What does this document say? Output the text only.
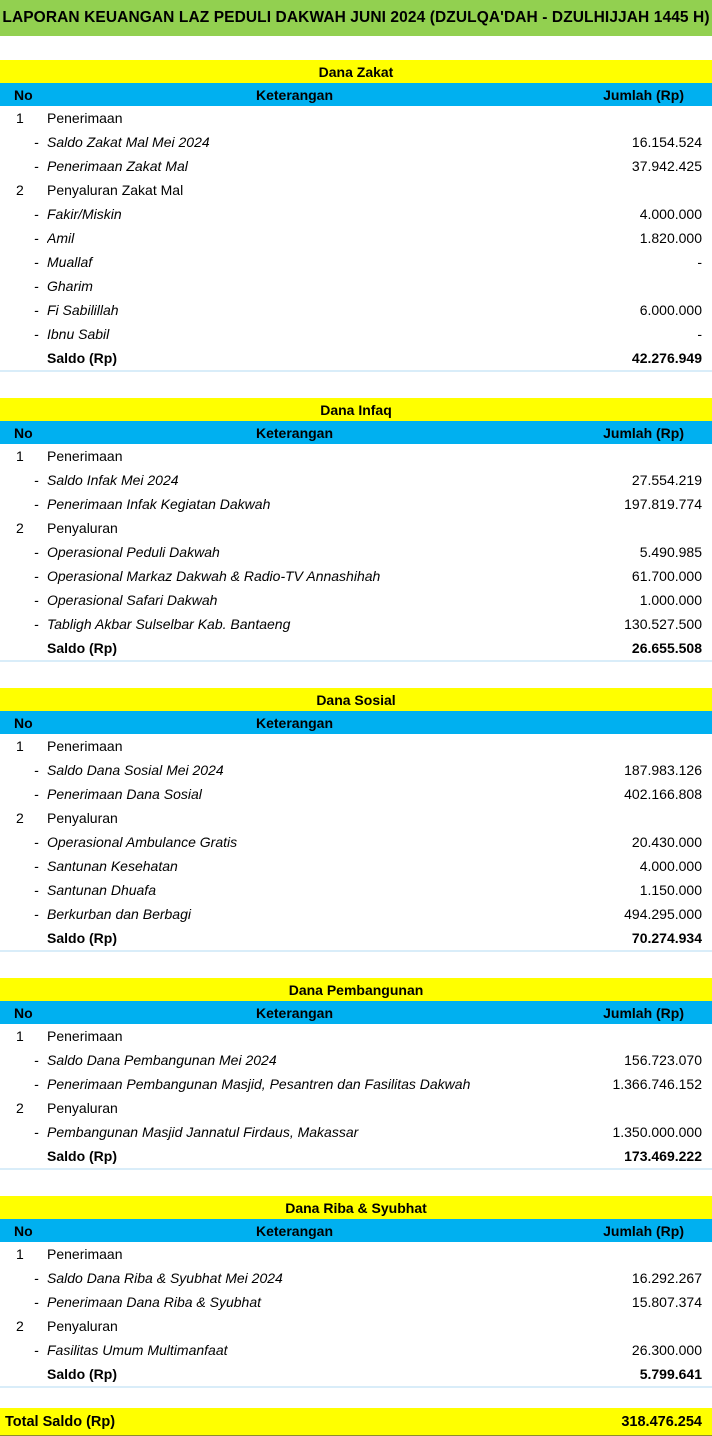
LAPORAN KEUANGAN LAZ PEDULI DAKWAH JUNI 2024 (DZULQA'DAH - DZULHIJJAH 1445 H)
Dana Zakat
No	Keterangan	Jumlah (Rp)
1	Penerimaan
- Saldo Zakat Mal Mei 2024	16.154.524
- Penerimaan Zakat Mal	37.942.425
2	Penyaluran Zakat Mal
- Fakir/Miskin	4.000.000
- Amil	1.820.000
- Muallaf	-
- Gharim
- Fi Sabilillah	6.000.000
- Ibnu Sabil	-
Saldo (Rp)	42.276.949
Dana Infaq
No	Keterangan	Jumlah (Rp)
1	Penerimaan
- Saldo Infak Mei 2024	27.554.219
- Penerimaan Infak Kegiatan Dakwah	197.819.774
2	Penyaluran
- Operasional Peduli Dakwah	5.490.985
- Operasional Markaz Dakwah & Radio-TV Annashihah	61.700.000
- Operasional Safari Dakwah	1.000.000
- Tabligh Akbar Sulselbar Kab. Bantaeng	130.527.500
Saldo (Rp)	26.655.508
Dana Sosial
No	Keterangan
1	Penerimaan
- Saldo Dana Sosial Mei 2024	187.983.126
- Penerimaan Dana Sosial	402.166.808
2	Penyaluran
- Operasional Ambulance Gratis	20.430.000
- Santunan Kesehatan	4.000.000
- Santunan Dhuafa	1.150.000
- Berkurban dan Berbagi	494.295.000
Saldo (Rp)	70.274.934
Dana Pembangunan
No	Keterangan	Jumlah (Rp)
1	Penerimaan
- Saldo Dana Pembangunan Mei 2024	156.723.070
- Penerimaan Pembangunan Masjid, Pesantren dan Fasilitas Dakwah	1.366.746.152
2	Penyaluran
- Pembangunan Masjid Jannatul Firdaus, Makassar	1.350.000.000
Saldo (Rp)	173.469.222
Dana Riba & Syubhat
No	Keterangan	Jumlah (Rp)
1	Penerimaan
- Saldo Dana Riba & Syubhat Mei 2024	16.292.267
- Penerimaan Dana Riba & Syubhat	15.807.374
2	Penyaluran
- Fasilitas Umum Multimanfaat	26.300.000
Saldo (Rp)	5.799.641
Total Saldo (Rp)	318.476.254
